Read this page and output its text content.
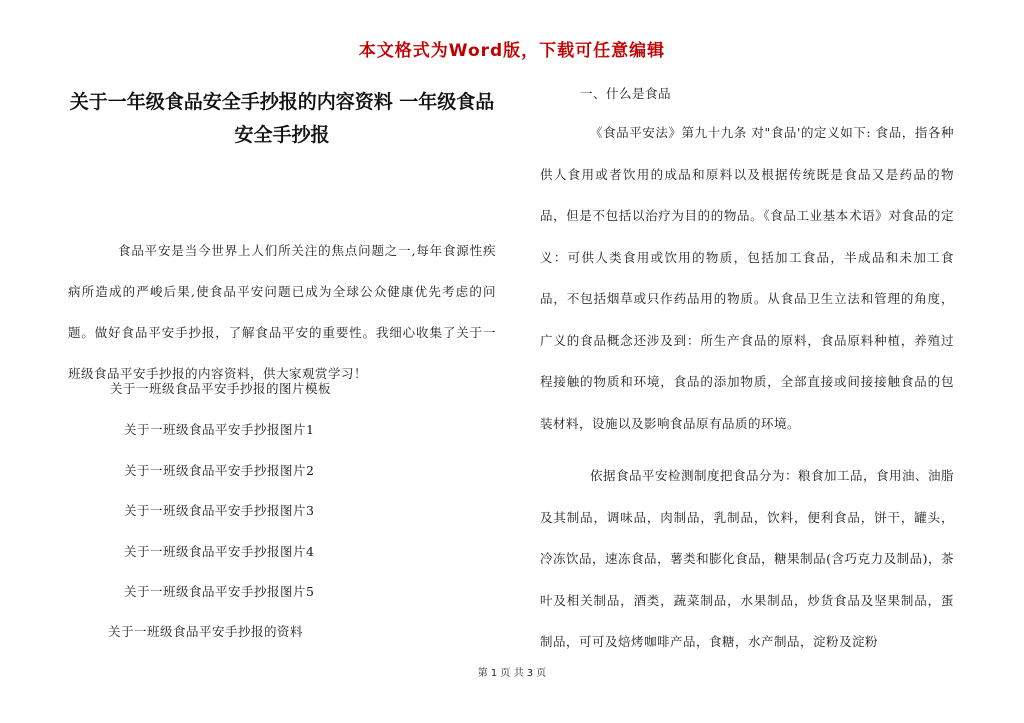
本文格式为Word版，下载可任意编辑
关于一年级食品安全手抄报的内容资料 一年级食品安全手抄报
食品平安是当今世界上人们所关注的焦点问题之一,每年食源性疾病所造成的严峻后果,使食品平安问题已成为全球公众健康优先考虑的问题。做好食品平安手抄报，了解食品平安的重要性。我细心收集了关于一班级食品平安手抄报的内容资料，供大家观赏学习！
关于一班级食品平安手抄报的图片模板
关于一班级食品平安手抄报图片1
关于一班级食品平安手抄报图片2
关于一班级食品平安手抄报图片3
关于一班级食品平安手抄报图片4
关于一班级食品平安手抄报图片5
关于一班级食品平安手抄报的资料
一、什么是食品

《食品平安法》第九十九条 对"食品'的定义如下: 食品，指各种供人食用或者饮用的成品和原料以及根据传统既是食品又是药品的物品，但是不包括以治疗为目的的物品。《食品工业基本术语》对食品的定义：可供人类食用或饮用的物质，包括加工食品，半成品和未加工食品，不包括烟草或只作药品用的物质。从食品卫生立法和管理的角度，广义的食品概念还涉及到：所生产食品的原料，食品原料种植，养殖过程接触的物质和环境，食品的添加物质，全部直接或间接接触食品的包装材料，设施以及影响食品原有品质的环境。

依据食品平安检测制度把食品分为：粮食加工品，食用油、油脂及其制品，调味品，肉制品，乳制品，饮料，便利食品，饼干，罐头，冷冻饮品，速冻食品，薯类和膨化食品，糖果制品(含巧克力及制品)，茶叶及相关制品，酒类，蔬菜制品，水果制品，炒货食品及坚果制品，蛋制品，可可及焙烤咖啡产品，食糖，水产制品，淀粉及淀粉

第 1 页 共 3 页
